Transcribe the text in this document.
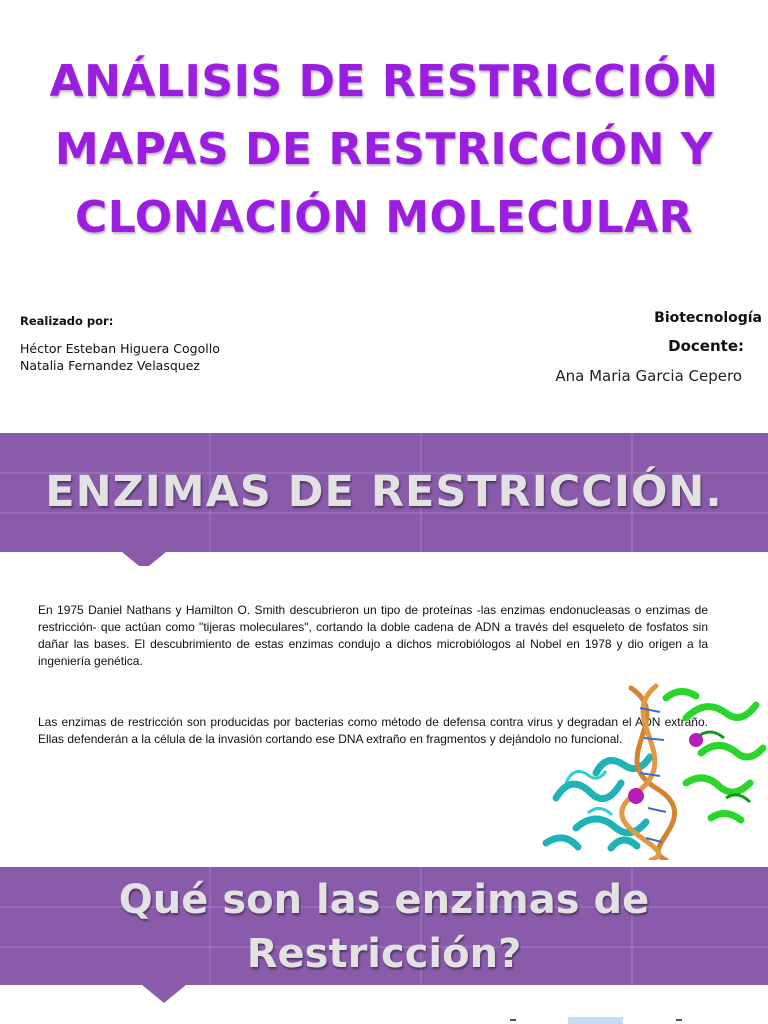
ANÁLISIS DE RESTRICCIÓN
MAPAS DE RESTRICCIÓN Y
CLONACIÓN MOLECULAR
Realizado por:
Héctor Esteban Higuera Cogollo
Natalia Fernandez Velasquez
Biotecnología
Docente:
Ana Maria Garcia Cepero
ENZIMAS DE RESTRICCIÓN.

En 1975 Daniel Nathans y Hamilton O. Smith descubrieron un tipo de proteínas -las enzimas endonucleasas o enzimas de restricción- que actúan como "tijeras moleculares", cortando la doble cadena de ADN a través del esqueleto de fosfatos sin dañar las bases. El descubrimiento de estas enzimas condujo a dichos microbiólogos al Nobel en 1978 y dio origen a la ingeniería genética.

Las enzimas de restricción son producidas por bacterias como método de defensa contra virus y degradan el ADN extraño. Ellas defenderán a la célula de la invasión cortando ese DNA extraño en fragmentos y dejándolo no funcional.

Qué son las enzimas de
Restricción?
